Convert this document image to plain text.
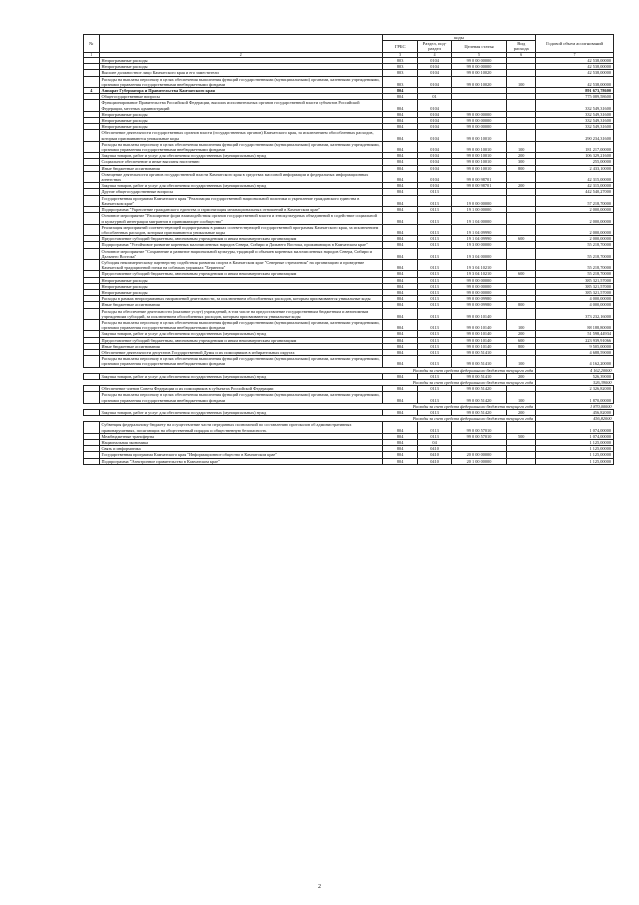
№		коды				Годовой объем ассигнований
		ГРБС	Раздел, под-раздел	Целевая статья	Вид расхода	
1	2	3	4	5	6	7
	Непрограммные расходы	803	0104	99 0 00 00000		42 538,00000
	Непрограммные расходы	803	0104	99 0 00 00000		42 538,00000
	Высшее должностное лицо Камчатского края и его заместители	803	0104	99 0 00 10020		42 538,00000
	Расходы на выплаты персоналу в целях обеспечения выполнения функций государственными (муниципальными) органами, казенными учреждениями, органами управления государственными внебюджетными фондами	803	0104	99 0 00 10020	100	42 538,00000
4	Аппарат Губернатора и Правительства Камчатского края	804				891 673,78600
	Общегосударственные вопросы	804	01			775 089,58600
	Функционирование Правительства Российской Федерации, высших исполнительных органов государственной власти субъектов Российской Федерации, местных администраций	804	0104			332 549,31600
	Непрограммные расходы	804	0104	99 0 00 00000		332 549,31600
	Непрограммные расходы	804	0104	99 0 00 00000		332 549,31600
	Непрограммные расходы	804	0104	99 0 00 00000		332 549,31600
	Обеспечение деятельности государственных органов власти (государственных органов) Камчатского края, за исключением обособленных расходов, которым присваиваются уникальные коды	804	0104	99 0 00 10010		290 234,31600
	Расходы на выплаты персоналу в целях обеспечения выполнения функций государственными (муниципальными) органами, казенными учреждениями, органами управления государственными внебюджетными фондами	804	0104	99 0 00 10010	100	181 217,00000
	Закупка товаров, работ и услуг для обеспечения государственных (муниципальных) нужд	804	0104	99 0 00 10010	200	106 329,21600
	Социальное обеспечение и иные выплаты населению	804	0104	99 0 00 10010	300	255,00000
	Иные бюджетные ассигнования	804	0104	99 0 00 10010	800	2 433,10000
	Освещение деятельности органов государственной власти Камчатского края в средствах массовой информации и федеральных информационных агентствах	804	0104	99 0 00 98701		42 315,00000
	Закупка товаров, работ и услуг для обеспечения государственных (муниципальных) нужд	804	0104	99 0 00 98701	200	42 315,00000
	Другие общегосударственные вопросы	804	0113			442 540,27000
	Государственная программа Камчатского края "Реализация государственной национальной политики и укрепление гражданского единства в Камчатском крае"	804	0113	19 0 00 00000		57 218,70000
	Подпрограмма "Укрепление гражданского единства и гармонизация межнациональных отношений в Камчатском крае"	804	0113	19 1 00 00000		2 000,00000
	Основное мероприятие "Расширение форм взаимодействия органов государственной власти и этнокультурных объединений в содействие социальной и культурной интеграции мигрантов в принимающее сообщество"	804	0113	19 1 04 00000		2 000,00000
	Реализация мероприятий соответствующей подпрограммы в рамках соответствующей государственной программы Камчатского края, за исключением обособленных расходов, которым присваиваются уникальные коды	804	0113	19 1 04 09990		2 000,00000
	Предоставление субсидий бюджетным, автономным учреждениям и иным некоммерческим организациям	804	0113	19 1 04 09990	600	2 000,00000
	Подпрограмма "Устойчивое развитие коренных малочисленных народов Севера, Сибири и Дальнего Востока, проживающих в Камчатском крае"	804	0113	19 3 00 00000		55 218,70000
	Основное мероприятие "Сохранение и развитие национальной культуры, традиций и обычаев коренных малочисленных народов Севера, Сибири и Дальнего Востока"	804	0113	19 3 04 00000		55 218,70000
	Субсидия некоммерческому партнерству содействия развития спорта в Камчатском крае "Северные стремления" на организацию и проведение Камчатской традиционной гонки на собачьих упряжках "Берингия"	804	0113	19 3 04 10210		55 218,70000
	Предоставление субсидий бюджетным, автономным учреждениям и иным некоммерческим организациям	804	0113	19 3 04 10210	600	55 218,70000
	Непрограммные расходы	804	0113	99 0 00 00000		385 321,57000
	Непрограммные расходы	804	0113	99 0 00 00000		385 321,57000
	Непрограммные расходы	804	0113	99 0 00 00000		385 321,57000
	Расходы в рамках непрограммных направлений деятельности, за исключением обособленных расходов, которым присваиваются уникальные коды	804	0113	99 0 00 09980		4 000,00000
	Иные бюджетные ассигнования	804	0113	99 0 00 09980	800	4 000,00000
	Расходы на обеспечение деятельности (оказание услуг) учреждений, в том числе на предоставление государственным бюджетным и автономным учреждениям субсидий, за исключением обособленных расходов, которым присваиваются уникальные коды	804	0113	99 0 00 10140		373 232,16000
	Расходы на выплаты персоналу в целях обеспечения выполнения функций государственными (муниципальными) органами, казенными учреждениями, органами управления государственными внебюджетными фондами	804	0113	99 0 00 10140	100	88 188,80000
	Закупка товаров, работ и услуг для обеспечения государственных (муниципальных) нужд	804	0113	99 0 00 10140	200	51 598,44934
	Предоставление субсидий бюджетным, автономным учреждениям и иным некоммерческим организациям	804	0113	99 0 00 10140	600	223 939,91066
	Иные бюджетные ассигнования	804	0113	99 0 00 10140	800	9 505,00000
	Обеспечение деятельности депутатов Государственной Думы и их помощников в избирательных округах	804	0113	99 0 00 51410		4 688,59000
	Расходы на выплаты персоналу в целях обеспечения выполнения функций государственными (муниципальными) органами, казенными учреждениями, органами управления государственными внебюджетными фондами	804	0113	99 0 00 51410	100	4 162,20000
Расходы за счет средств федерального бюджета текущего года						4 162,20000
	Закупка товаров, работ и услуг для обеспечения государственных (муниципальных) нужд	804	0113	99 0 00 51410	200	526,39000
Расходы за счет средств федерального бюджета текущего года						526,39000
	Обеспечение членов Совета Федерации и их помощников в субъектах Российской Федерации	804	0113	99 0 00 51420		2 326,82000
	Расходы на выплаты персоналу в целях обеспечения выполнения функций государственными (муниципальными) органами, казенными учреждениями, органами управления государственными внебюджетными фондами	804	0113	99 0 00 51420	100	1 870,00000
Расходы за счет средств федерального бюджета текущего года						1 870,00000
	Закупка товаров, работ и услуг для обеспечения государственных (муниципальных) нужд	804	0113	99 0 00 51420	200	456,82000
Расходы за счет средств федерального бюджета текущего года						456,82000
	Субвенция федеральному бюджету на осуществление части переданных полномочий по составлению протоколов об административных правонарушениях, посягающих на общественный порядок и общественную безопасность	804	0113	99 0 00 57010		1 074,00000
	Межбюджетные трансферты	804	0113	99 0 00 57010	500	1 074,00000
	Национальная экономика	804	04			1 125,00000
	Связь и информатика	804	0410			1 125,00000
	Государственная программа Камчатского края "Информационное общество в Камчатском крае"	804	0410	20 0 00 00000		1 125,00000
	Подпрограмма "Электронное правительство в Камчатском крае"	804	0410	20 1 00 00000		1 125,00000
2
